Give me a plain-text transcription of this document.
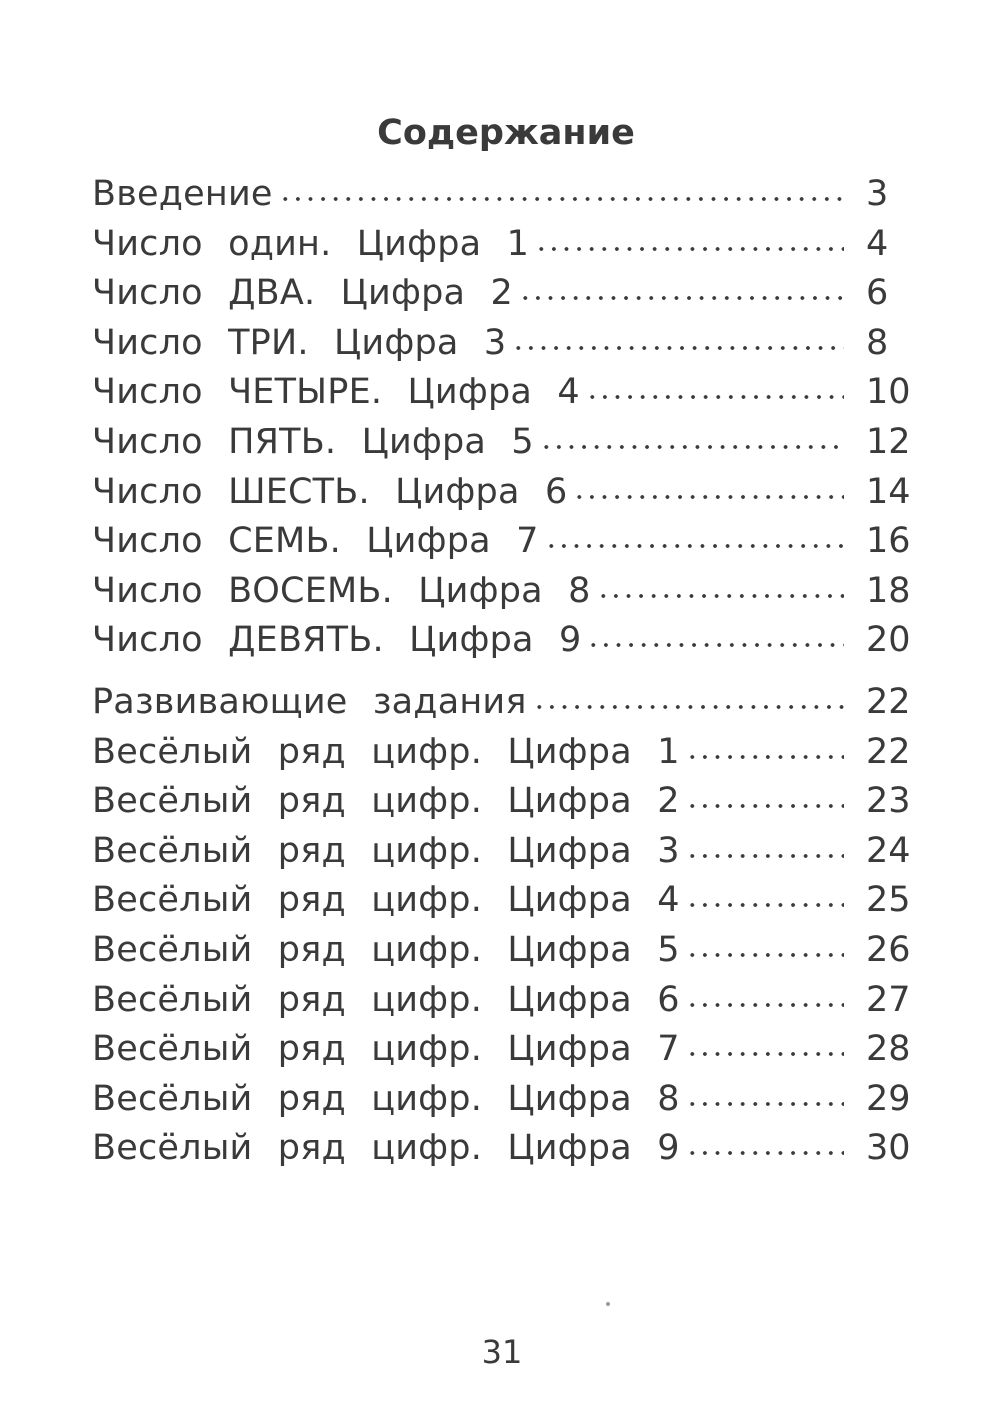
Содержание
Введение	3
Число один. Цифра 1	4
Число ДВА. Цифра 2	6
Число ТРИ. Цифра 3	8
Число ЧЕТЫРЕ. Цифра 4	10
Число ПЯТЬ. Цифра 5	12
Число ШЕСТЬ. Цифра 6	14
Число СЕМЬ. Цифра 7	16
Число ВОСЕМЬ. Цифра 8	18
Число ДЕВЯТЬ. Цифра 9	20
Развивающие задания	22
Весёлый ряд цифр. Цифра 1	22
Весёлый ряд цифр. Цифра 2	23
Весёлый ряд цифр. Цифра 3	24
Весёлый ряд цифр. Цифра 4	25
Весёлый ряд цифр. Цифра 5	26
Весёлый ряд цифр. Цифра 6	27
Весёлый ряд цифр. Цифра 7	28
Весёлый ряд цифр. Цифра 8	29
Весёлый ряд цифр. Цифра 9	30
31
